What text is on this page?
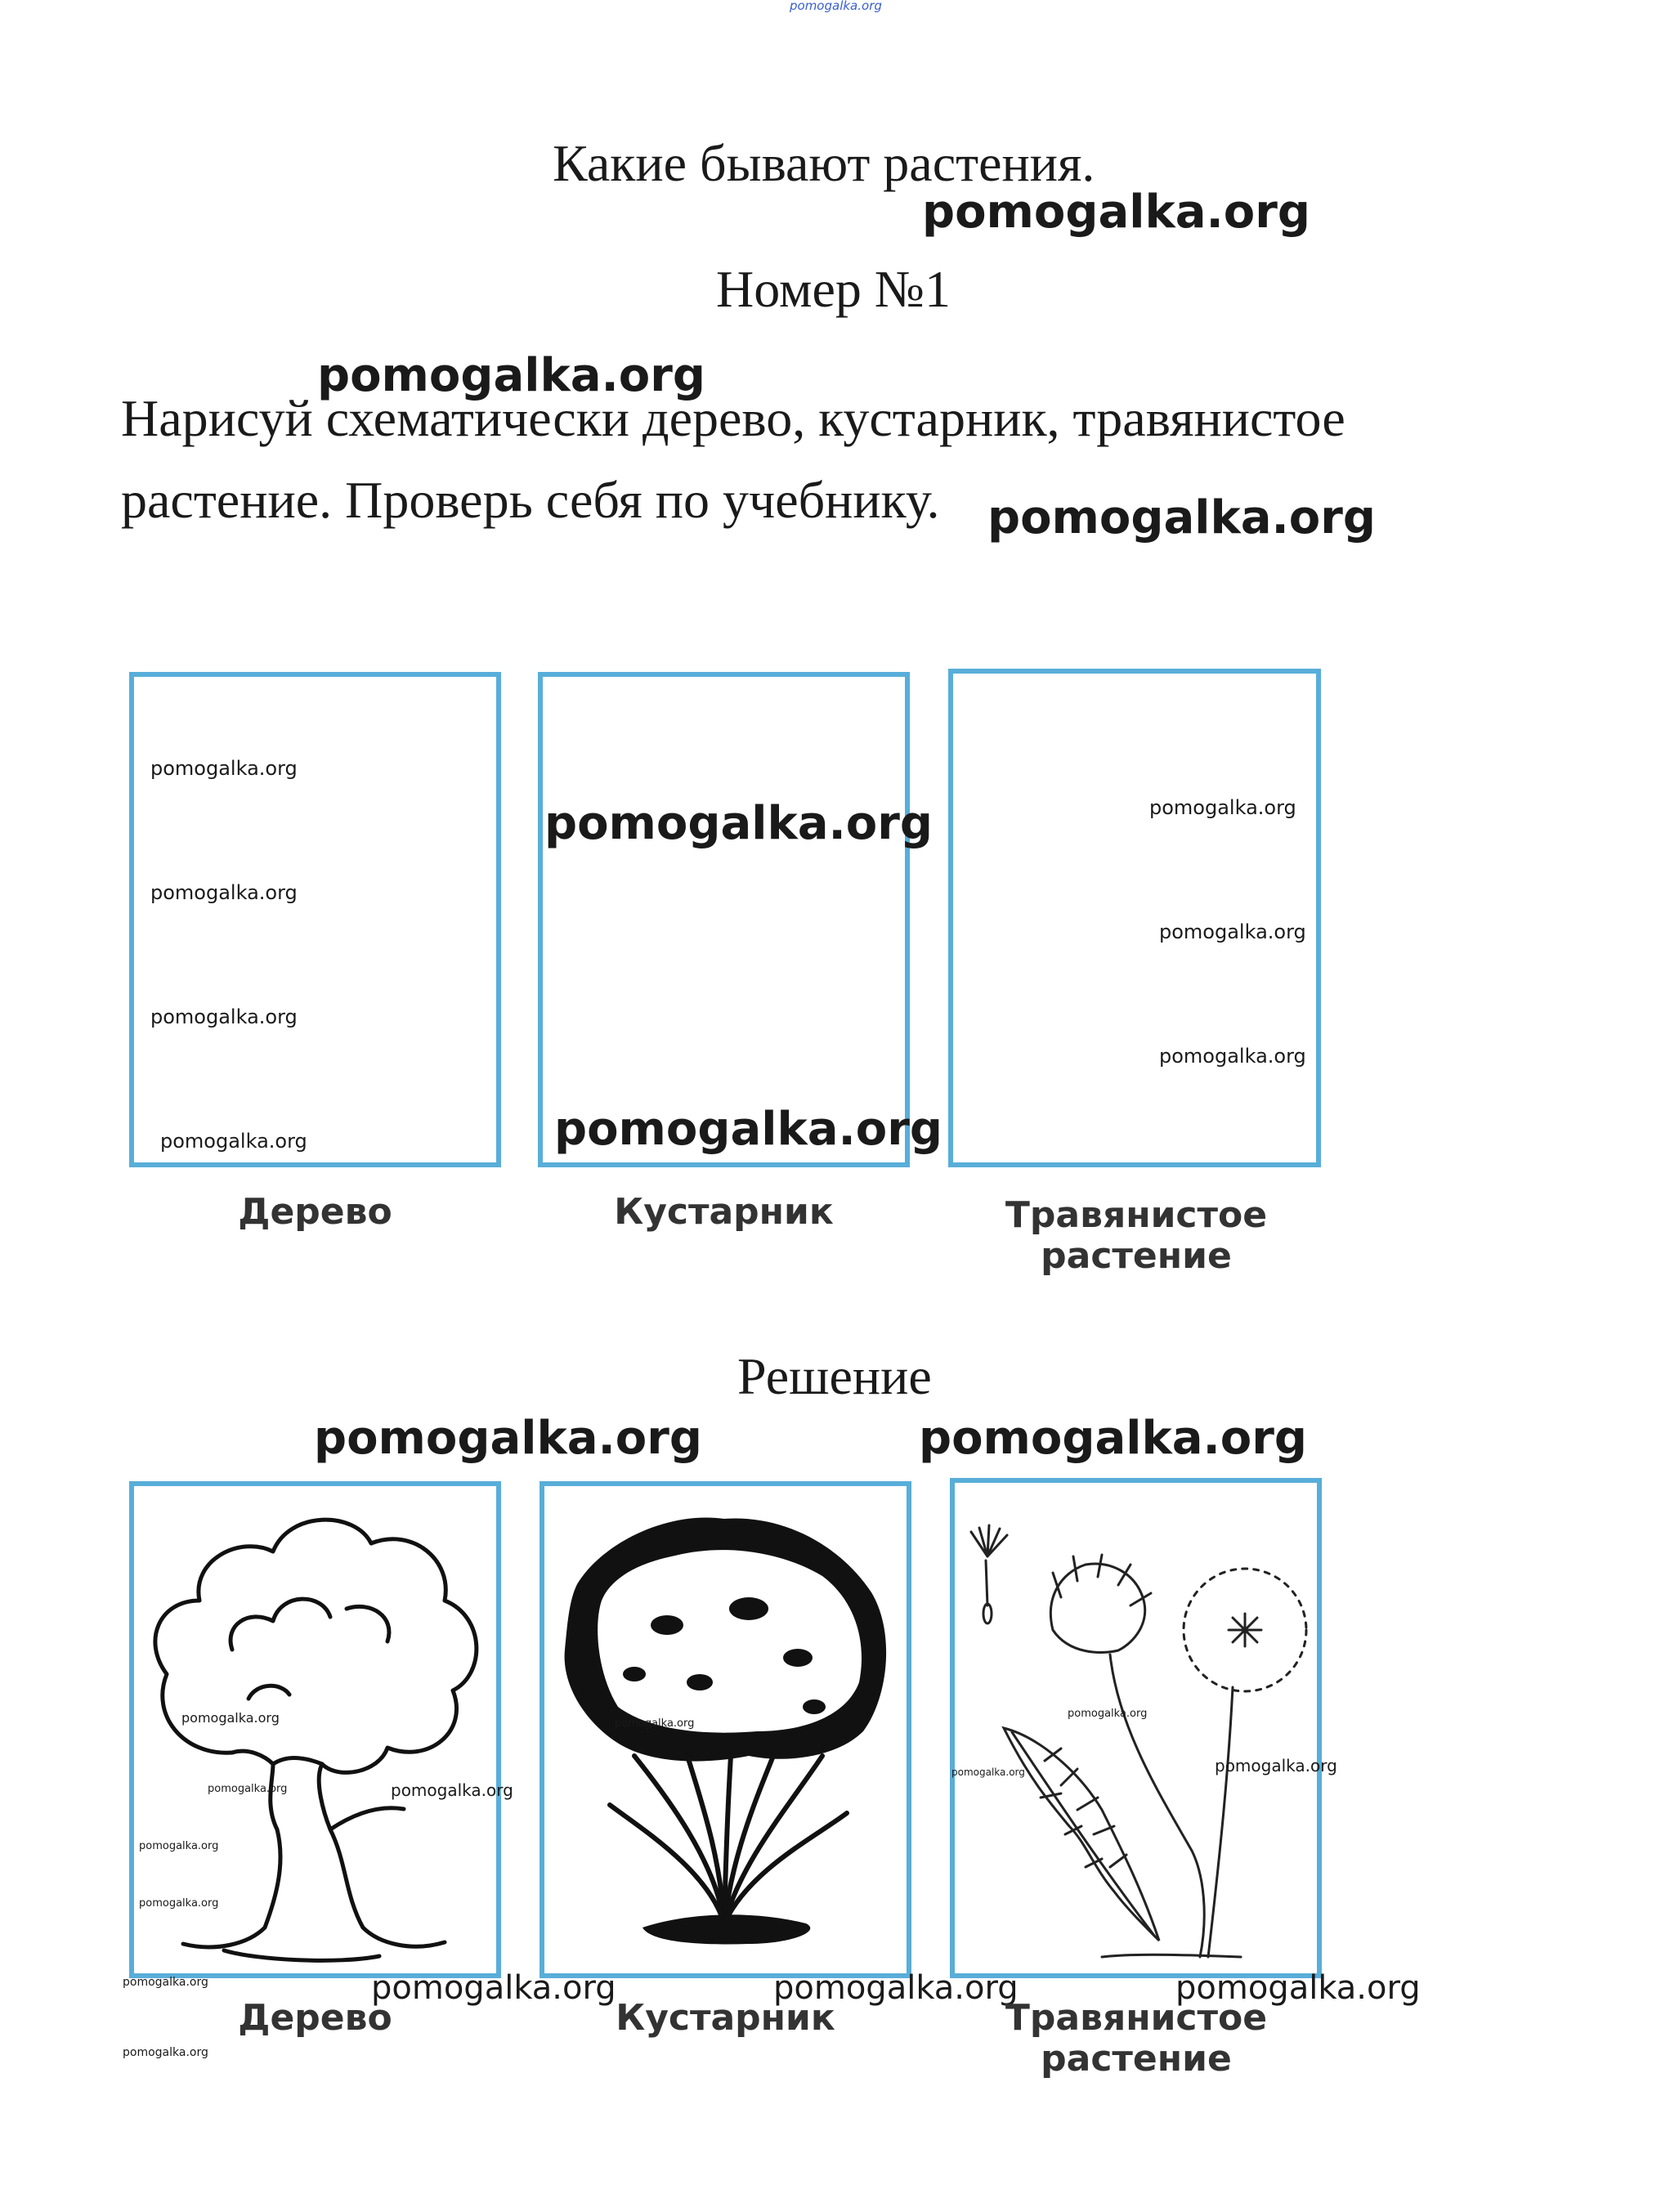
pomogalka.org
Какие бывают растения.
pomogalka.org
Номер №1
pomogalka.org
Нарисуй схематически дерево, кустарник, травянистое растение. Проверь себя по учебнику.	pomogalka.org
pomogalka.org
pomogalka.org
pomogalka.org
pomogalka.org
pomogalka.org
pomogalka.org
pomogalka.org
pomogalka.org
pomogalka.org
Дерево	Кустарник	Травянистое растение
Решение
pomogalka.org	pomogalka.org
pomogalka.org
pomogalka.org	pomogalka.org
pomogalka.org
pomogalka.org
pomogalka.org
pomogalka.org
pomogalka.org
pomogalka.org
pomogalka.org	pomogalka.org
pomogalka.org	pomogalka.org	pomogalka.org
Дерево	Кустарник	Травянистое растение
